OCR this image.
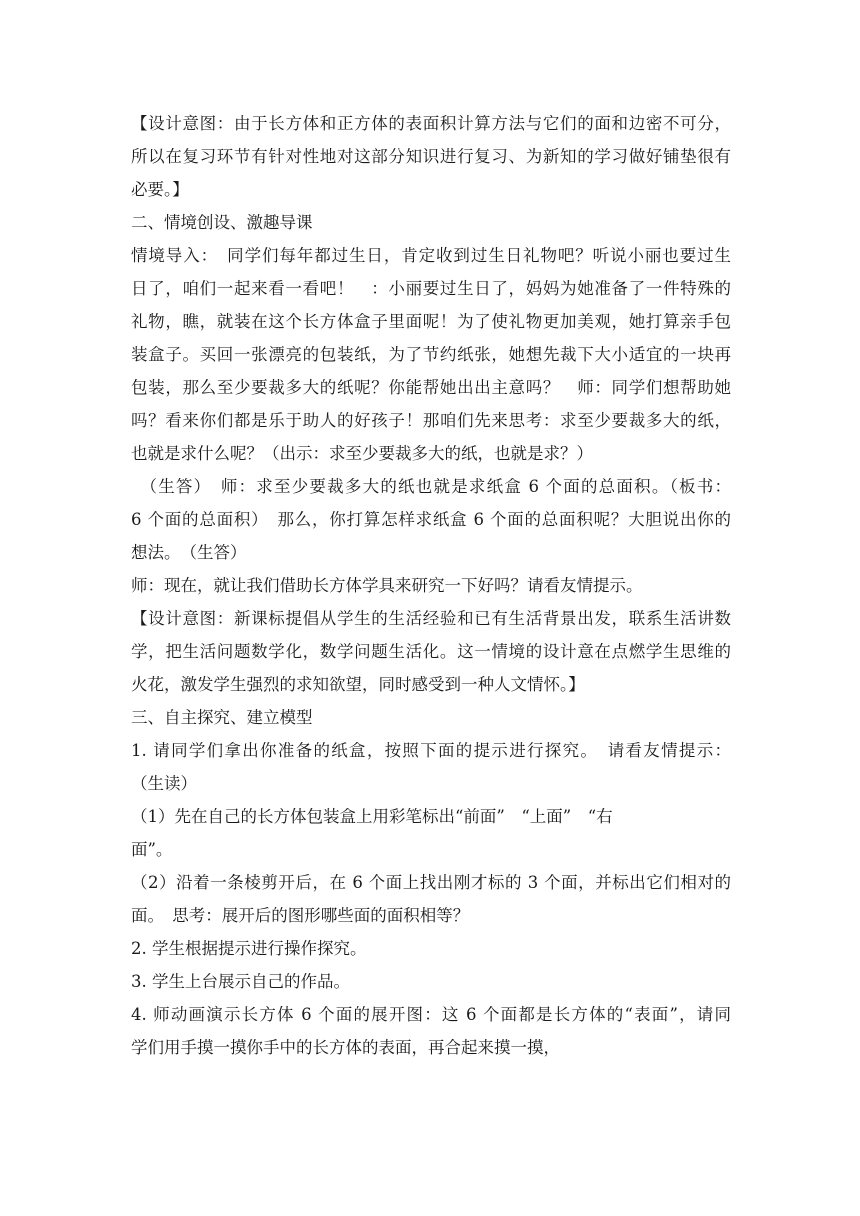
【设计意图：由于长方体和正方体的表面积计算方法与它们的面和边密不可分，
所以在复习环节有针对性地对这部分知识进行复习、为新知的学习做好铺垫很有
必要。】
二、情境创设、激趣导课
情境导入：　同学们每年都过生日，肯定收到过生日礼物吧？听说小丽也要过生
日了，咱们一起来看一看吧！　：小丽要过生日了，妈妈为她准备了一件特殊的
礼物，瞧，就装在这个长方体盒子里面呢！为了使礼物更加美观，她打算亲手包
装盒子。买回一张漂亮的包装纸，为了节约纸张，她想先裁下大小适宜的一块再
包装，那么至少要裁多大的纸呢？你能帮她出出主意吗？　师：同学们想帮助她
吗？看来你们都是乐于助人的好孩子！那咱们先来思考：求至少要裁多大的纸，
也就是求什么呢？（出示：求至少要裁多大的纸，也就是求？）
　（生答）　师：求至少要裁多大的纸也就是求纸盒 6 个面的总面积。（板书：
6 个面的总面积）　那么，你打算怎样求纸盒 6 个面的总面积呢？大胆说出你的
想法。　（生答）
师：现在，就让我们借助长方体学具来研究一下好吗？请看友情提示。
【设计意图：新课标提倡从学生的生活经验和已有生活背景出发，联系生活讲数
学，把生活问题数学化，数学问题生活化。这一情境的设计意在点燃学生思维的
火花，激发学生强烈的求知欲望，同时感受到一种人文情怀。】
三、自主探究、建立模型
1. 请同学们拿出你准备的纸盒，按照下面的提示进行探究。　请看友情提示：
（生读）
（1）先在自己的长方体包装盒上用彩笔标出“前面”　“上面”　“右
面”。
（2）沿着一条棱剪开后，在 6 个面上找出刚才标的 3 个面，并标出它们相对的
面。　思考：展开后的图形哪些面的面积相等？
2. 学生根据提示进行操作探究。
3. 学生上台展示自己的作品。
4. 师动画演示长方体 6 个面的展开图：这 6 个面都是长方体的“表面”，请同
学们用手摸一摸你手中的长方体的表面，再合起来摸一摸，
